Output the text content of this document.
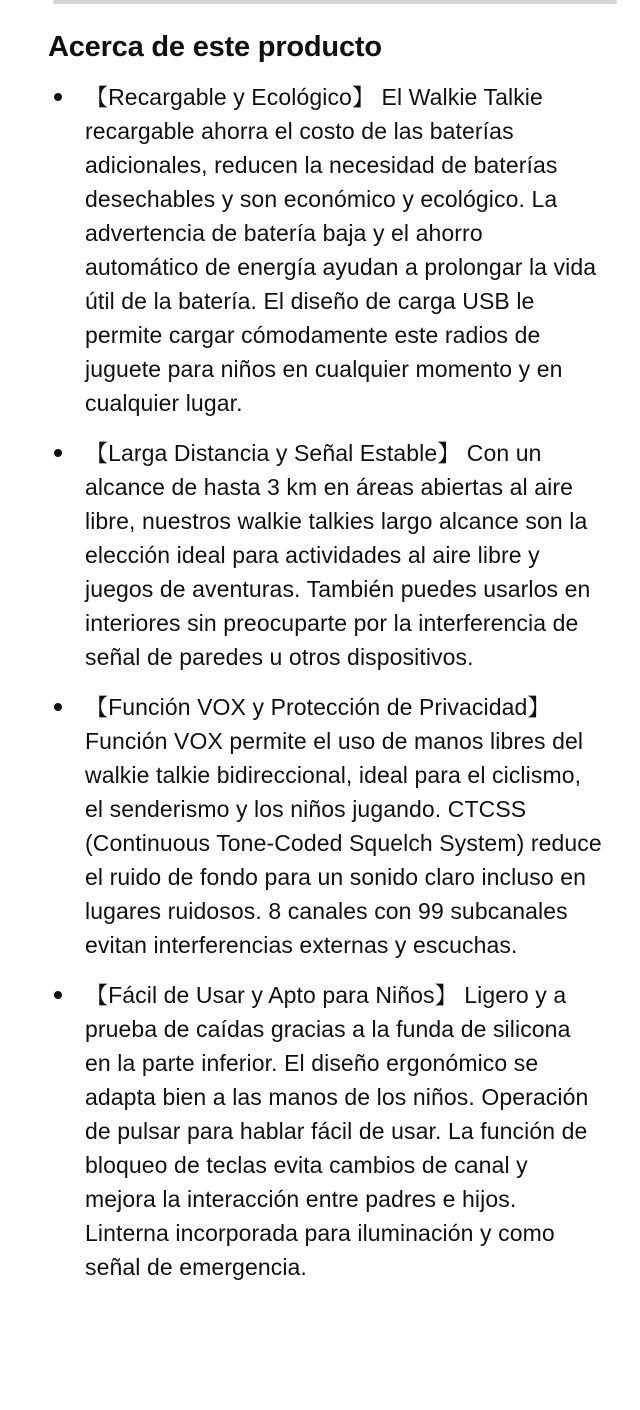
Acerca de este producto
【Recargable y Ecológico】 El Walkie Talkie recargable ahorra el costo de las baterías adicionales, reducen la necesidad de baterías desechables y son económico y ecológico. La advertencia de batería baja y el ahorro automático de energía ayudan a prolongar la vida útil de la batería. El diseño de carga USB le permite cargar cómodamente este radios de juguete para niños en cualquier momento y en cualquier lugar.
【Larga Distancia y Señal Estable】 Con un alcance de hasta 3 km en áreas abiertas al aire libre, nuestros walkie talkies largo alcance son la elección ideal para actividades al aire libre y juegos de aventuras. También puedes usarlos en interiores sin preocuparte por la interferencia de señal de paredes u otros dispositivos.
【Función VOX y Protección de Privacidad】 Función VOX permite el uso de manos libres del walkie talkie bidireccional, ideal para el ciclismo, el senderismo y los niños jugando. CTCSS (Continuous Tone-Coded Squelch System) reduce el ruido de fondo para un sonido claro incluso en lugares ruidosos. 8 canales con 99 subcanales evitan interferencias externas y escuchas.
【Fácil de Usar y Apto para Niños】 Ligero y a prueba de caídas gracias a la funda de silicona en la parte inferior. El diseño ergonómico se adapta bien a las manos de los niños. Operación de pulsar para hablar fácil de usar. La función de bloqueo de teclas evita cambios de canal y mejora la interacción entre padres e hijos. Linterna incorporada para iluminación y como señal de emergencia.
